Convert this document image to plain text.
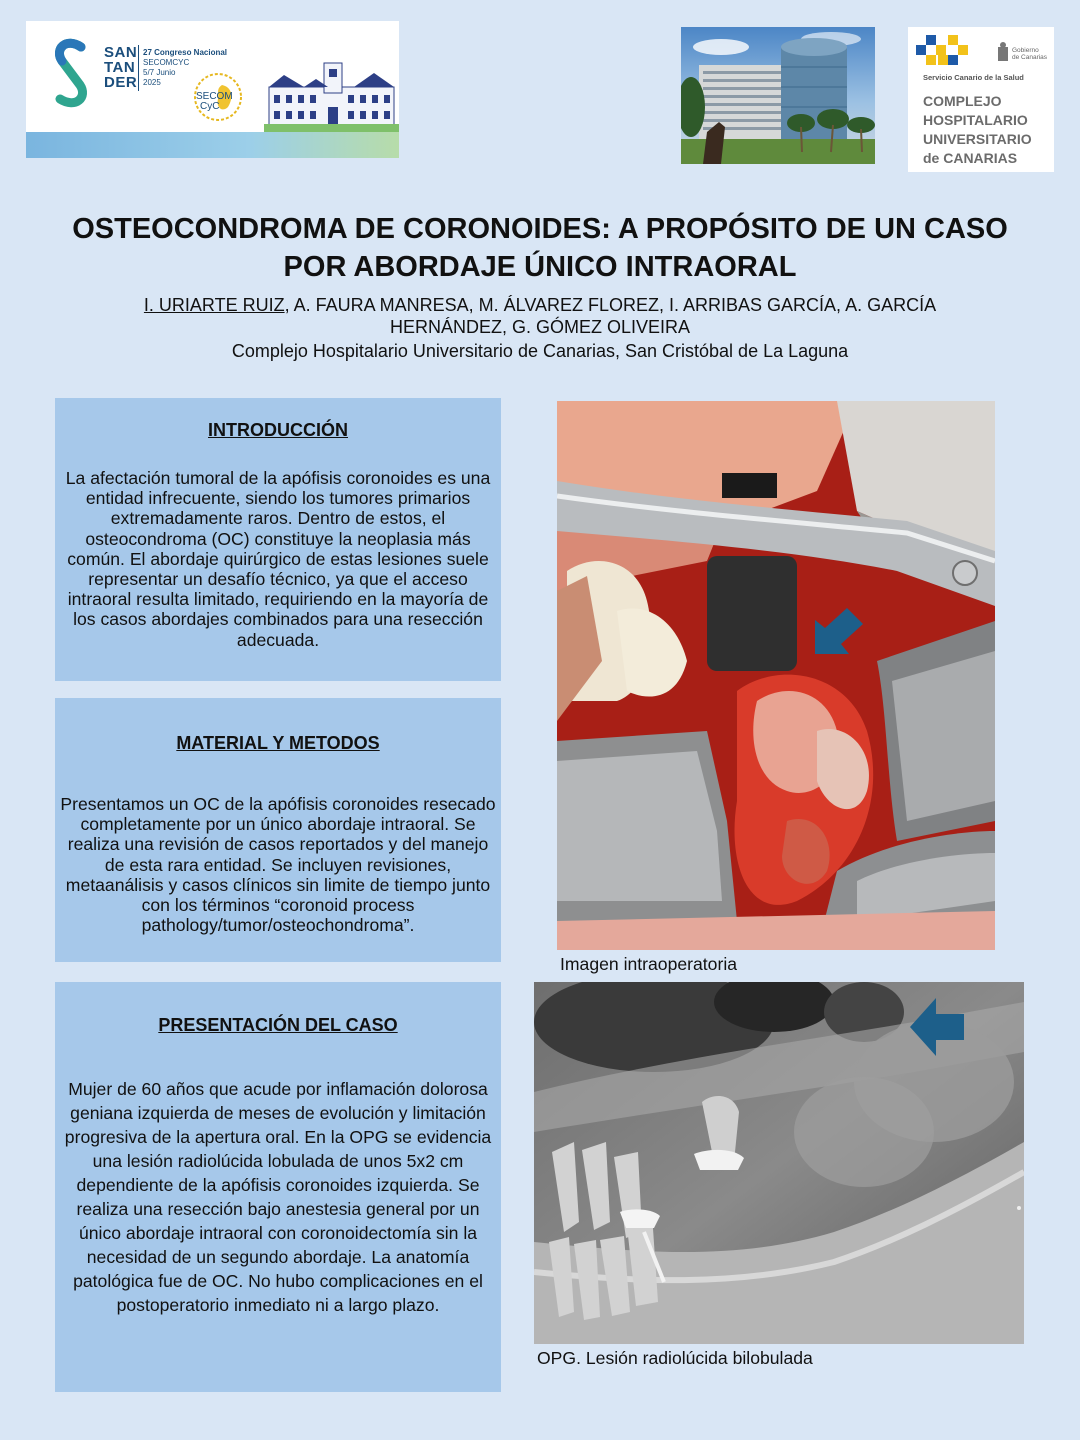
SAN
TAN
DER
27 Congreso Nacional
SECOMCYC
5/7 Junio
2025
SECOM
CyC
Gobierno
de Canarias
Servicio Canario de la Salud
COMPLEJO
HOSPITALARIO
UNIVERSITARIO
de CANARIAS
OSTEOCONDROMA DE CORONOIDES: A PROPÓSITO DE UN CASO POR ABORDAJE ÚNICO INTRAORAL
I. URIARTE RUIZ, A. FAURA MANRESA, M. ÁLVAREZ FLOREZ, I. ARRIBAS GARCÍA, A. GARCÍA HERNÁNDEZ, G. GÓMEZ OLIVEIRA
Complejo Hospitalario Universitario de Canarias, San Cristóbal de La Laguna
INTRODUCCIÓN

La afectación tumoral de la apófisis coronoides es una entidad infrecuente, siendo los tumores primarios extremadamente raros. Dentro de estos, el osteocondroma (OC) constituye la neoplasia más común. El abordaje quirúrgico de estas lesiones suele representar un desafío técnico, ya que el acceso intraoral resulta limitado, requiriendo en la mayoría de los casos abordajes combinados para una resección adecuada.

MATERIAL Y METODOS

Presentamos un OC de la apófisis coronoides resecado completamente por un único abordaje intraoral. Se realiza una revisión de casos reportados y del manejo de esta rara entidad. Se incluyen revisiones, metaanálisis y casos clínicos sin limite de tiempo junto con los términos “coronoid process pathology/tumor/osteochondroma”.

PRESENTACIÓN DEL CASO

Mujer de 60 años que acude por inflamación dolorosa geniana izquierda de meses de evolución y limitación progresiva de la apertura oral. En la OPG se evidencia una lesión radiolúcida lobulada de unos 5x2 cm dependiente de la apófisis coronoides izquierda. Se realiza una resección bajo anestesia general por un único abordaje intraoral con coronoidectomía sin la necesidad de un segundo abordaje. La anatomía patológica fue de OC. No hubo complicaciones en el postoperatorio inmediato ni a largo plazo.

Imagen intraoperatoria
OPG. Lesión radiolúcida bilobulada
